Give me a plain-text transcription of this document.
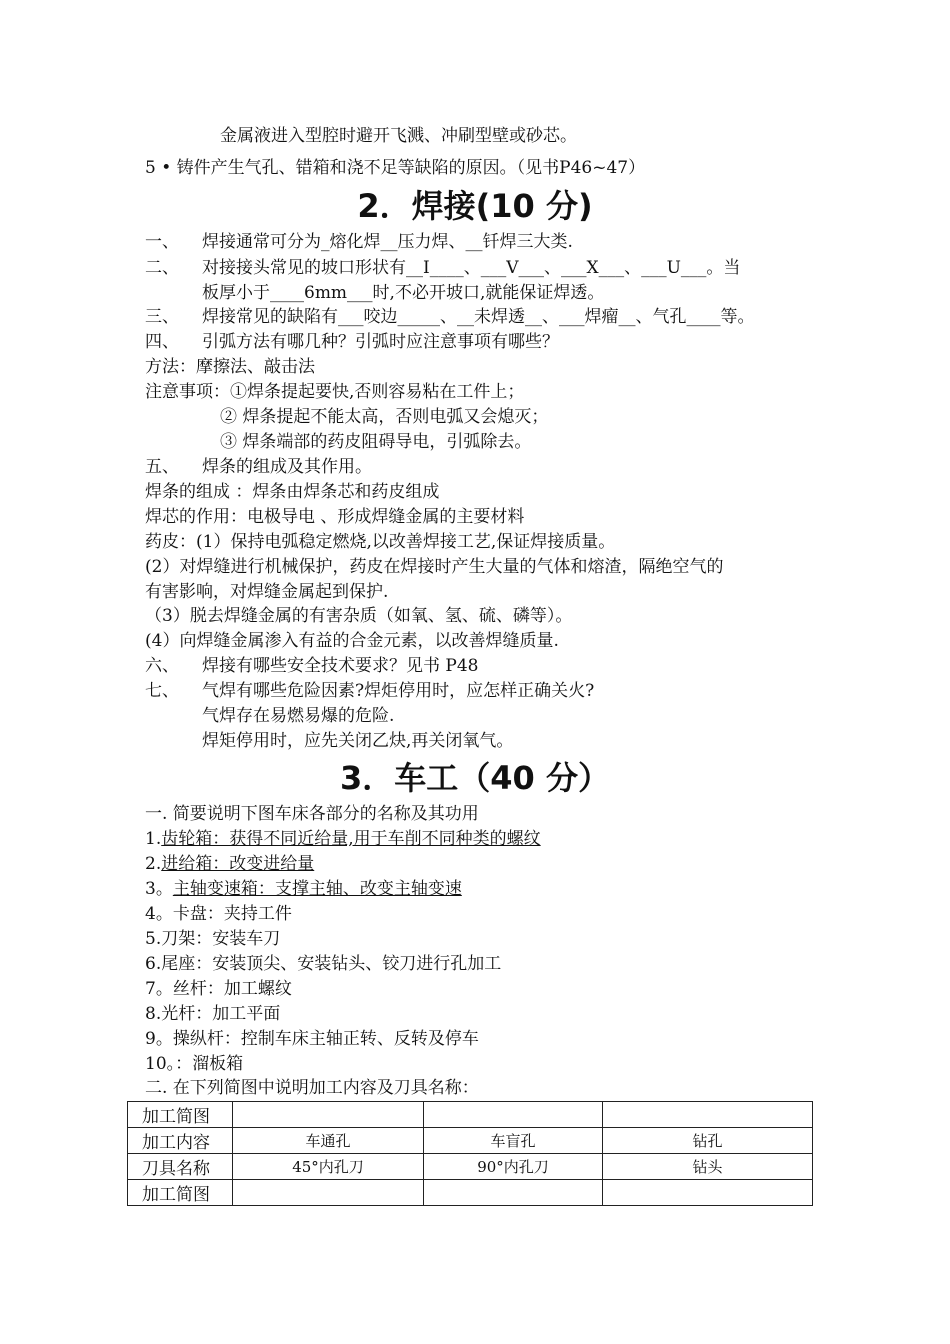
金属液进入型腔时避开飞溅、冲刷型壁或砂芯。
5 • 铸件产生气孔、错箱和浇不足等缺陷的原因。（见书P46~47）
2．焊接(10 分)
一、 焊接通常可分为_熔化焊__压力焊、__钎焊三大类.
二、 对接接头常见的坡口形状有__I____、___V___、___X___、___U___。当
板厚小于____6mm___时,不必开坡口,就能保证焊透。
三、 焊接常见的缺陷有___咬边_____、__未焊透__、___焊瘤__、气孔____等。
四、 引弧方法有哪几种？引弧时应注意事项有哪些？
方法：摩擦法、敲击法
注意事项：①焊条提起要快,否则容易粘在工件上；
② 焊条提起不能太高，否则电弧又会熄灭；
③ 焊条端部的药皮阻碍导电，引弧除去。
五、 焊条的组成及其作用。
焊条的组成 ：焊条由焊条芯和药皮组成
焊芯的作用：电极导电 、形成焊缝金属的主要材料
药皮：(1）保持电弧稳定燃烧,以改善焊接工艺,保证焊接质量。
(2）对焊缝进行机械保护，药皮在焊接时产生大量的气体和熔渣，隔绝空气的
有害影响，对焊缝金属起到保护.
（3）脱去焊缝金属的有害杂质（如氧、氢、硫、磷等）。
(4）向焊缝金属渗入有益的合金元素，以改善焊缝质量.
六、 焊接有哪些安全技术要求？见书 P48
七、 气焊有哪些危险因素?焊炬停用时，应怎样正确关火?
气焊存在易燃易爆的危险.
焊矩停用时，应先关闭乙炔,再关闭氧气。
3．车工（40 分）
一. 简要说明下图车床各部分的名称及其功用
1.齿轮箱：获得不同近给量,用于车削不同种类的螺纹
2.进给箱：改变进给量
3。主轴变速箱：支撑主轴、改变主轴变速
4。卡盘：夹持工件
5.刀架：安装车刀
6.尾座：安装顶尖、安装钻头、铰刀进行孔加工
7。丝杆：加工螺纹
8.光杆：加工平面
9。操纵杆：控制车床主轴正转、反转及停车
10。：溜板箱
二. 在下列简图中说明加工内容及刀具名称：
加工简图			
加工内容	车通孔	车盲孔	钻孔
刀具名称	45°内孔刀	90°内孔刀	钻头
加工简图			
